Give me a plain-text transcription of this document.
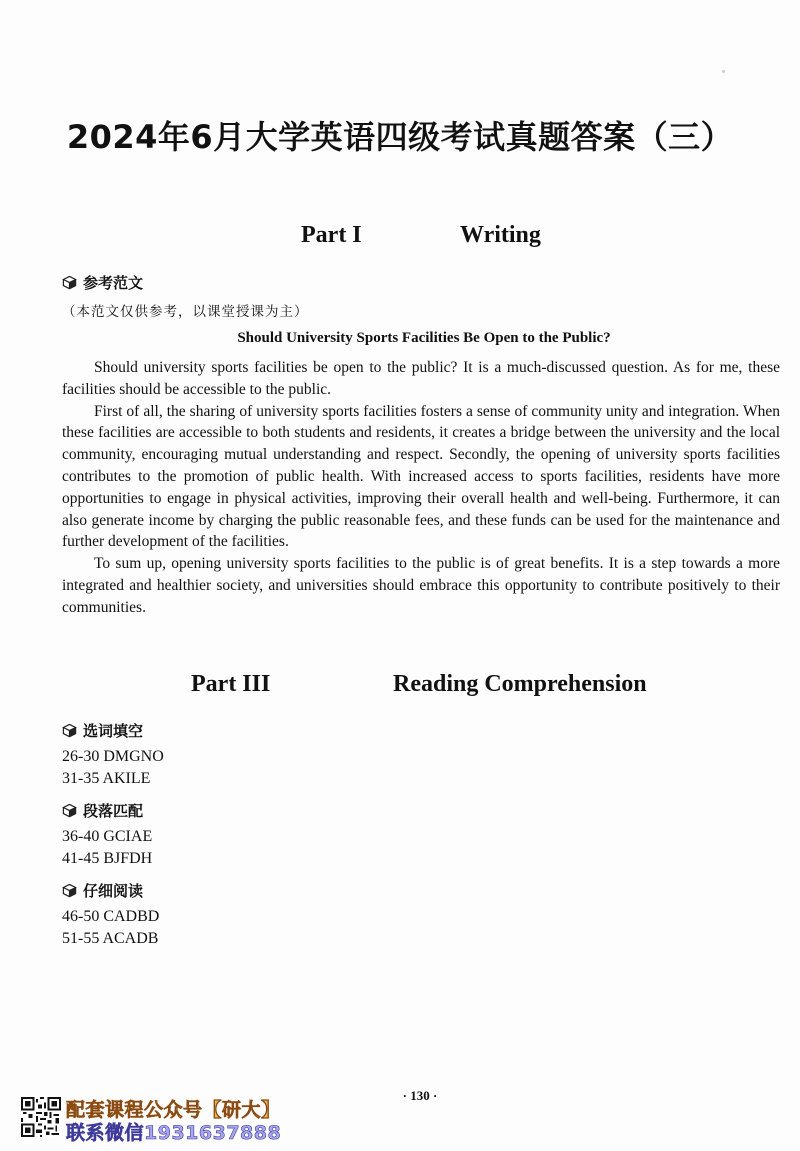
2024年6月大学英语四级考试真题答案（三）
Part I	Writing
参考范文
（本范文仅供参考，以课堂授课为主）
Should University Sports Facilities Be Open to the Public?

Should university sports facilities be open to the public? It is a much-discussed question. As for me, these facilities should be accessible to the public.

First of all, the sharing of university sports facilities fosters a sense of community unity and integration. When these facilities are accessible to both students and residents, it creates a bridge between the university and the local community, encouraging mutual understanding and respect. Secondly, the opening of university sports facilities contributes to the promotion of public health. With increased access to sports facilities, residents have more opportunities to engage in physical activities, improving their overall health and well-being. Furthermore, it can also generate income by charging the public reasonable fees, and these funds can be used for the maintenance and further development of the facilities.

To sum up, opening university sports facilities to the public is of great benefits. It is a step towards a more integrated and healthier society, and universities should embrace this opportunity to contribute positively to their communities.

Part III	Reading Comprehension
选词填空
26-30 DMGNO
31-35 AKILE
段落匹配
36-40 GCIAE
41-45 BJFDH
仔细阅读
46-50 CADBD
51-55 ACADB
· 130 ·
配套课程公众号【研大】
联系微信1931637888
